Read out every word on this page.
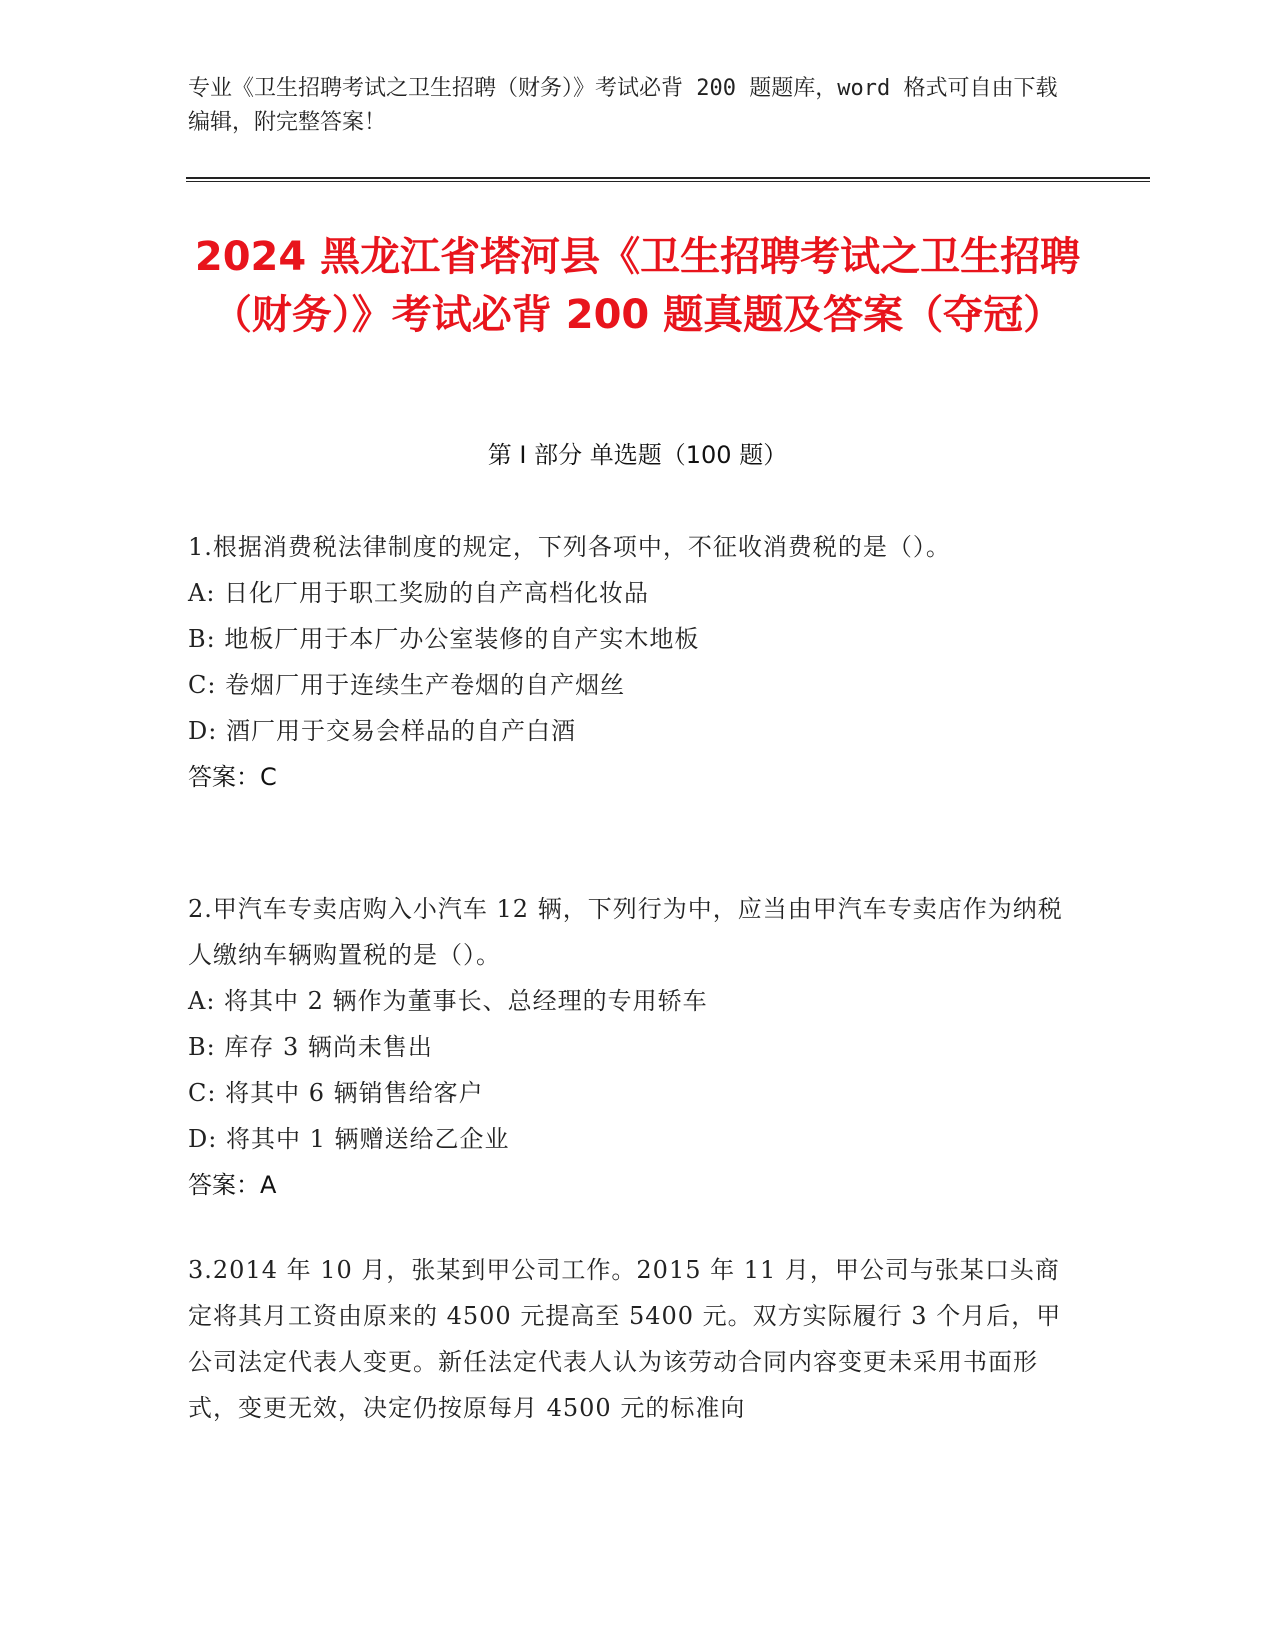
专业《卫生招聘考试之卫生招聘（财务）》考试必背 200 题题库，word 格式可自由下载编辑，附完整答案！
2024 黑龙江省塔河县《卫生招聘考试之卫生招聘（财务）》考试必背 200 题真题及答案（夺冠）
第 I 部分 单选题（100 题）
1.根据消费税法律制度的规定，下列各项中，不征收消费税的是（）。
A: 日化厂用于职工奖励的自产高档化妆品
B: 地板厂用于本厂办公室装修的自产实木地板
C: 卷烟厂用于连续生产卷烟的自产烟丝
D: 酒厂用于交易会样品的自产白酒
答案：C
2.甲汽车专卖店购入小汽车 12 辆，下列行为中，应当由甲汽车专卖店作为纳税人缴纳车辆购置税的是（）。
A: 将其中 2 辆作为董事长、总经理的专用轿车
B: 库存 3 辆尚未售出
C: 将其中 6 辆销售给客户
D: 将其中 1 辆赠送给乙企业
答案：A
3.2014 年 10 月，张某到甲公司工作。2015 年 11 月，甲公司与张某口头商定将其月工资由原来的 4500 元提高至 5400 元。双方实际履行 3 个月后，甲公司法定代表人变更。新任法定代表人认为该劳动合同内容变更未采用书面形式，变更无效，决定仍按原每月 4500 元的标准向
